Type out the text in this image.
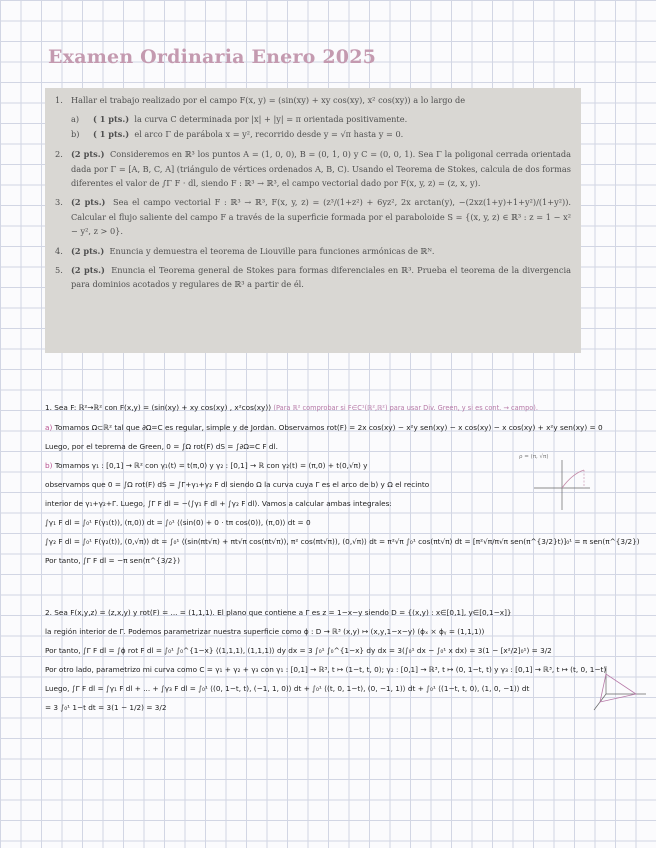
Examen Ordinaria Enero 2025
1. Hallar el trabajo realizado por el campo F(x, y) = (sin(xy) + xy cos(xy), x² cos(xy)) a lo largo de
a)	( 1 pts.) la curva C determinada por |x| + |y| = π orientada positivamente.
b)	( 1 pts.) el arco Γ de parábola x = y², recorrido desde y = √π hasta y = 0.
2. (2 pts.) Consideremos en ℝ³ los puntos A = (1, 0, 0), B = (0, 1, 0) y C = (0, 0, 1). Sea Γ la poligonal cerrada orientada dada por Γ = [A, B, C, A] (triángulo de vértices ordenados A, B, C). Usando el Teorema de Stokes, calcula de dos formas diferentes el valor de ∫Γ F · dl, siendo F : ℝ³ → ℝ³, el campo vectorial dado por F(x, y, z) = (z, x, y).
3. (2 pts.) Sea el campo vectorial F : ℝ³ → ℝ³, F(x, y, z) = (z³/(1+z²) + 6yz², 2x arctan(y), −(2xz(1+y)+1+y²)/(1+y²)). Calcular el flujo saliente del campo F a través de la superficie formada por el paraboloide S = {(x, y, z) ∈ ℝ³ : z = 1 − x² − y², z > 0}.
4. (2 pts.) Enuncia y demuestra el teorema de Liouville para funciones armónicas de ℝᴺ.
5. (2 pts.) Enuncia el Teorema general de Stokes para formas diferenciales en ℝ³. Prueba el teorema de la divergencia para dominios acotados y regulares de ℝ³ a partir de él.
1. Sea F: ℝ²→ℝ² con F(x,y) = (sin(xy) + xy cos(xy) , x²cos(xy)) (Para ℝ² comprobar si F∈C¹(ℝ²,ℝ²) para usar Div. Green, y si es cont. → campo).
a) Tomamos Ω⊂ℝ² tal que ∂Ω=C es regular, simple y de Jordan. Observamos rot(F) = 2x cos(xy) − x²y sen(xy) − x cos(xy) − x cos(xy) + x²y sen(xy) = 0
Luego, por el teorema de Green, 0 = ∫Ω rot(F) dS = ∫∂Ω=C F dl.
b) Tomamos γ₁ : [0,1] → ℝ² con γ₁(t) = t(π,0) y γ₂ : [0,1] → ℝ con γ₂(t) = (π,0) + t(0,√π) y
observamos que 0 = ∫Ω rot(F) dS = ∫Γ+γ₁+γ₂ F dl siendo Ω la curva cuya Γ es el arco de b) y Ω el recinto
interior de γ₁+γ₂+Γ. Luego, ∫Γ F dl = −(∫γ₁ F dl + ∫γ₂ F dl). Vamos a calcular ambas integrales:
∫γ₁ F dl = ∫₀¹ F(γ₁(t)), (π,0)) dt = ∫₀¹ ⟨(sin(0) + 0 · tπ cos(0)), (π,0)⟩ dt = 0
∫γ₂ F dl = ∫₀¹ F(γ₂(t)), (0,√π)) dt = ∫₀¹ ⟨(sin(πt√π) + πt√π cos(πt√π)), π² cos(πt√π)), (0,√π)⟩ dt = π²√π ∫₀¹ cos(πt√π) dt = [π²√π/π√π sen(π^{3/2}t)]₀¹ = π sen(π^{3/2})
Por tanto, ∫Γ F dl = −π sen(π^{3/2})
2. Sea F(x,y,z) = (z,x,y) y rot(F) = ... = (1,1,1). El plano que contiene a Γ es z = 1−x−y siendo D = {(x,y) : x∈[0,1], y∈[0,1−x]}
la región interior de Γ. Podemos parametrizar nuestra superficie como ϕ : D → ℝ³ (x,y) ↦ (x,y,1−x−y) (ϕₓ × ϕᵧ = (1,1,1))
Por tanto, ∫Γ F dl = ∫ϕ rot F dl = ∫₀¹ ∫₀^{1−x} ⟨(1,1,1), (1,1,1)⟩ dy dx = 3 ∫₀¹ ∫₀^{1−x} dy dx = 3(∫₀¹ dx − ∫₀¹ x dx) = 3(1 − [x²/2]₀¹) = 3/2
Por otro lado, parametrizo mi curva como C = γ₁ + γ₂ + γ₃ con γ₁ : [0,1] → ℝ³, t ↦ (1−t, t, 0); γ₂ : [0,1] → ℝ³, t ↦ (0, 1−t, t) y γ₃ : [0,1] → ℝ³, t ↦ (t, 0, 1−t)
Luego, ∫Γ F dl = ∫γ₁ F dl + ... + ∫γ₃ F dl = ∫₀¹ ⟨(0, 1−t, t), (−1, 1, 0)⟩ dt + ∫₀¹ ⟨(t, 0, 1−t), (0, −1, 1)⟩ dt + ∫₀¹ ⟨(1−t, t, 0), (1, 0, −1)⟩ dt
= 3 ∫₀¹ 1−t dt = 3(1 − 1/2) = 3/2
ρ = (π, √π)
